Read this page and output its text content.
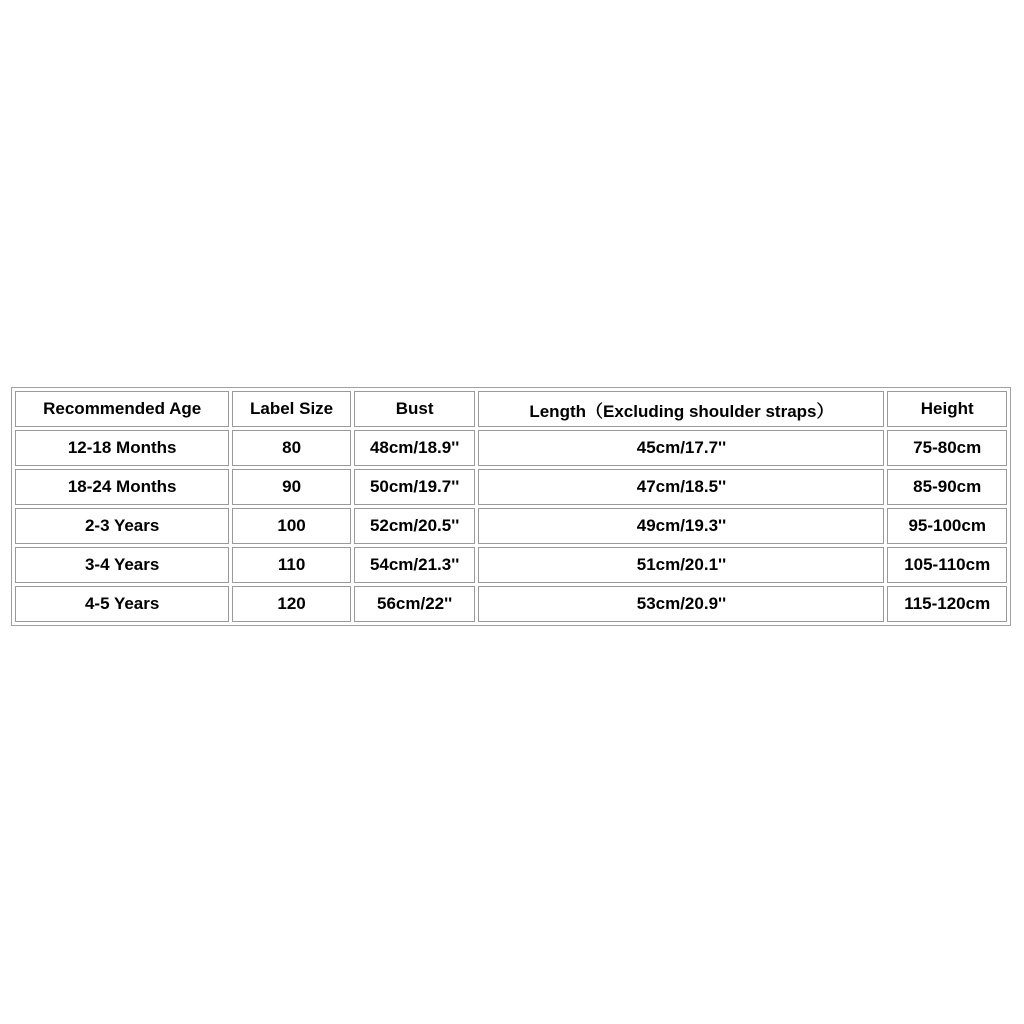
Recommended Age	Label Size	Bust	Length（Excluding shoulder straps）	Height
12-18 Months	80	48cm/18.9''	45cm/17.7''	75-80cm
18-24 Months	90	50cm/19.7''	47cm/18.5''	85-90cm
2-3 Years	100	52cm/20.5''	49cm/19.3''	95-100cm
3-4 Years	110	54cm/21.3''	51cm/20.1''	105-110cm
4-5 Years	120	56cm/22''	53cm/20.9''	115-120cm
